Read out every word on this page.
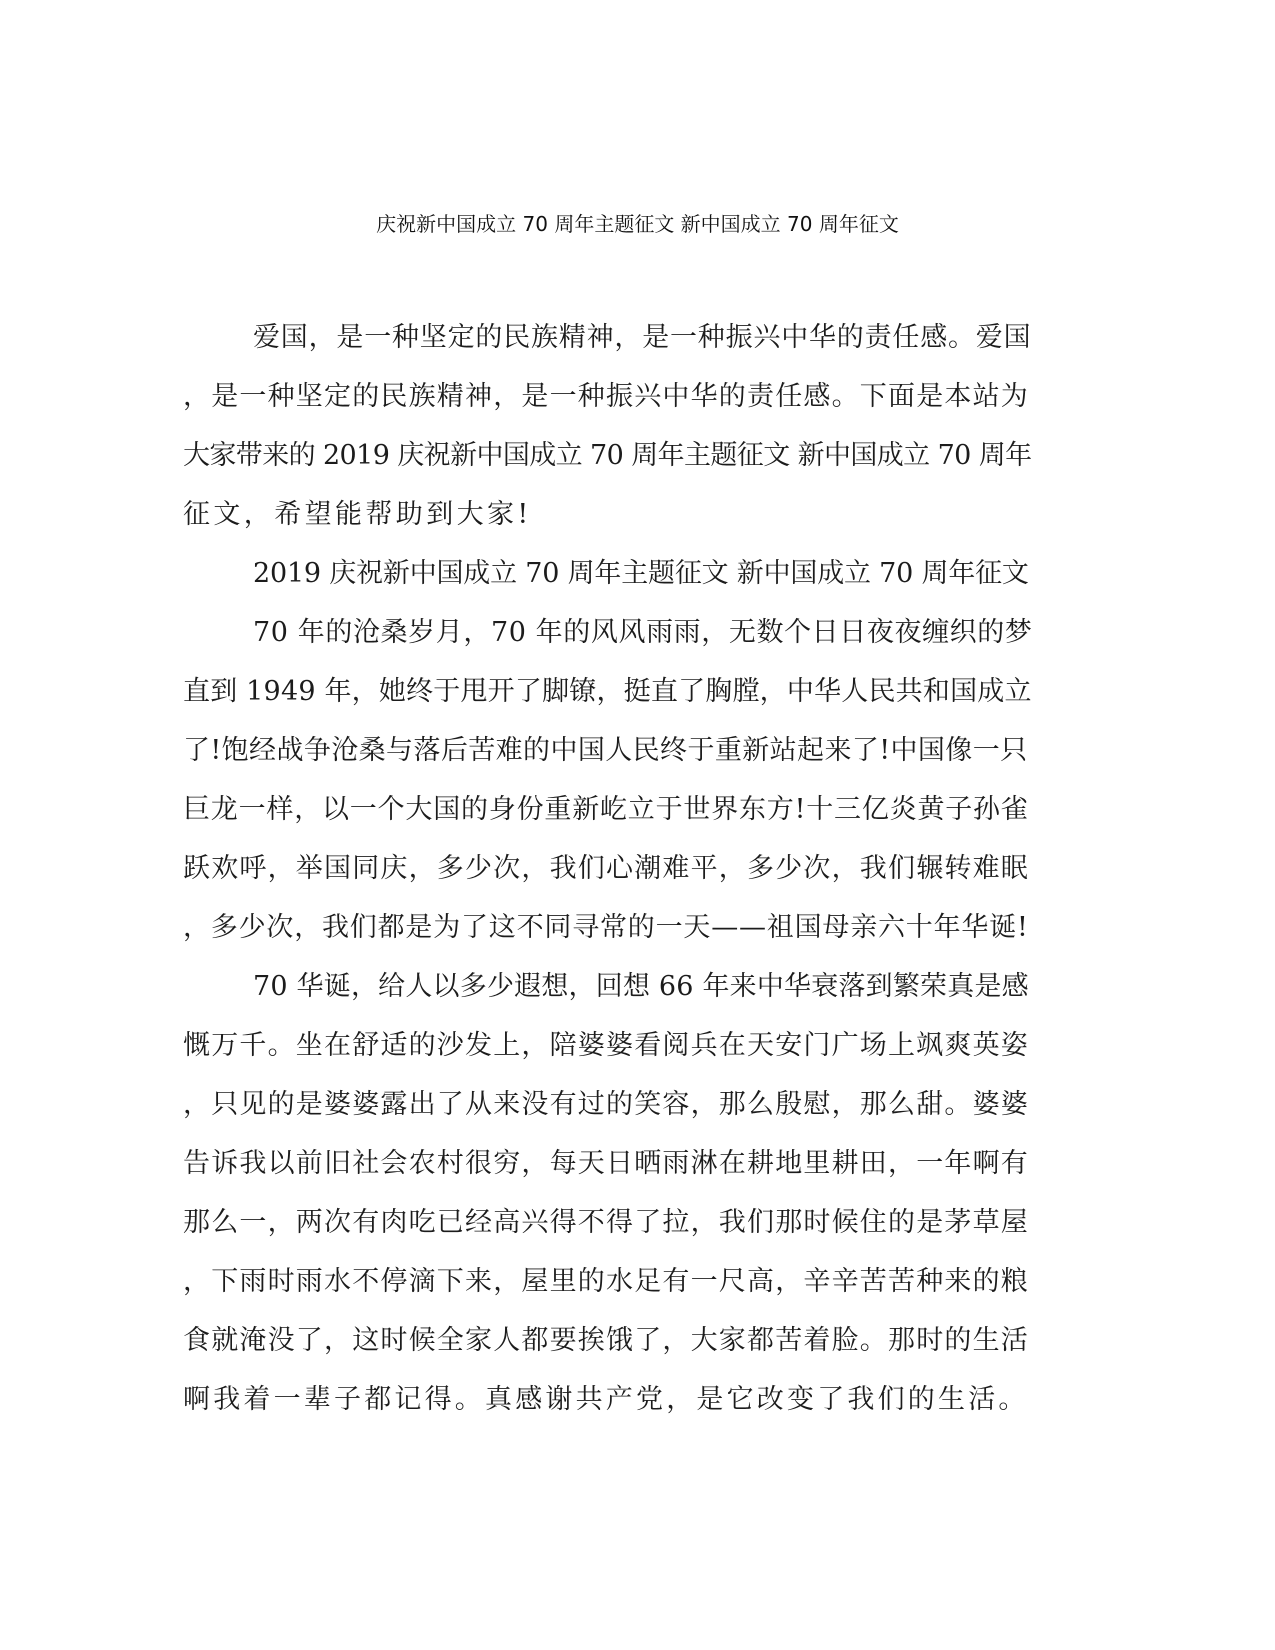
庆祝新中国成立 70 周年主题征文 新中国成立 70 周年征文
爱国，是一种坚定的民族精神，是一种振兴中华的责任感。爱国
，是一种坚定的民族精神，是一种振兴中华的责任感。下面是本站为
大家带来的 2019 庆祝新中国成立 70 周年主题征文 新中国成立 70 周年
征文，希望能帮助到大家!
2019 庆祝新中国成立 70 周年主题征文 新中国成立 70 周年征文
70 年的沧桑岁月，70 年的风风雨雨，无数个日日夜夜缠织的梦
直到 1949 年，她终于甩开了脚镣，挺直了胸膛，中华人民共和国成立
了!饱经战争沧桑与落后苦难的中国人民终于重新站起来了!中国像一只
巨龙一样，以一个大国的身份重新屹立于世界东方!十三亿炎黄子孙雀
跃欢呼，举国同庆，多少次，我们心潮难平，多少次，我们辗转难眠
，多少次，我们都是为了这不同寻常的一天——祖国母亲六十年华诞!
70 华诞，给人以多少遐想，回想 66 年来中华衰落到繁荣真是感
慨万千。坐在舒适的沙发上，陪婆婆看阅兵在天安门广场上飒爽英姿
，只见的是婆婆露出了从来没有过的笑容，那么殷慰，那么甜。婆婆
告诉我以前旧社会农村很穷，每天日晒雨淋在耕地里耕田，一年啊有
那么一，两次有肉吃已经高兴得不得了拉，我们那时候住的是茅草屋
，下雨时雨水不停滴下来，屋里的水足有一尺高，辛辛苦苦种来的粮
食就淹没了，这时候全家人都要挨饿了，大家都苦着脸。那时的生活
啊我着一辈子都记得。真感谢共产党，是它改变了我们的生活。
